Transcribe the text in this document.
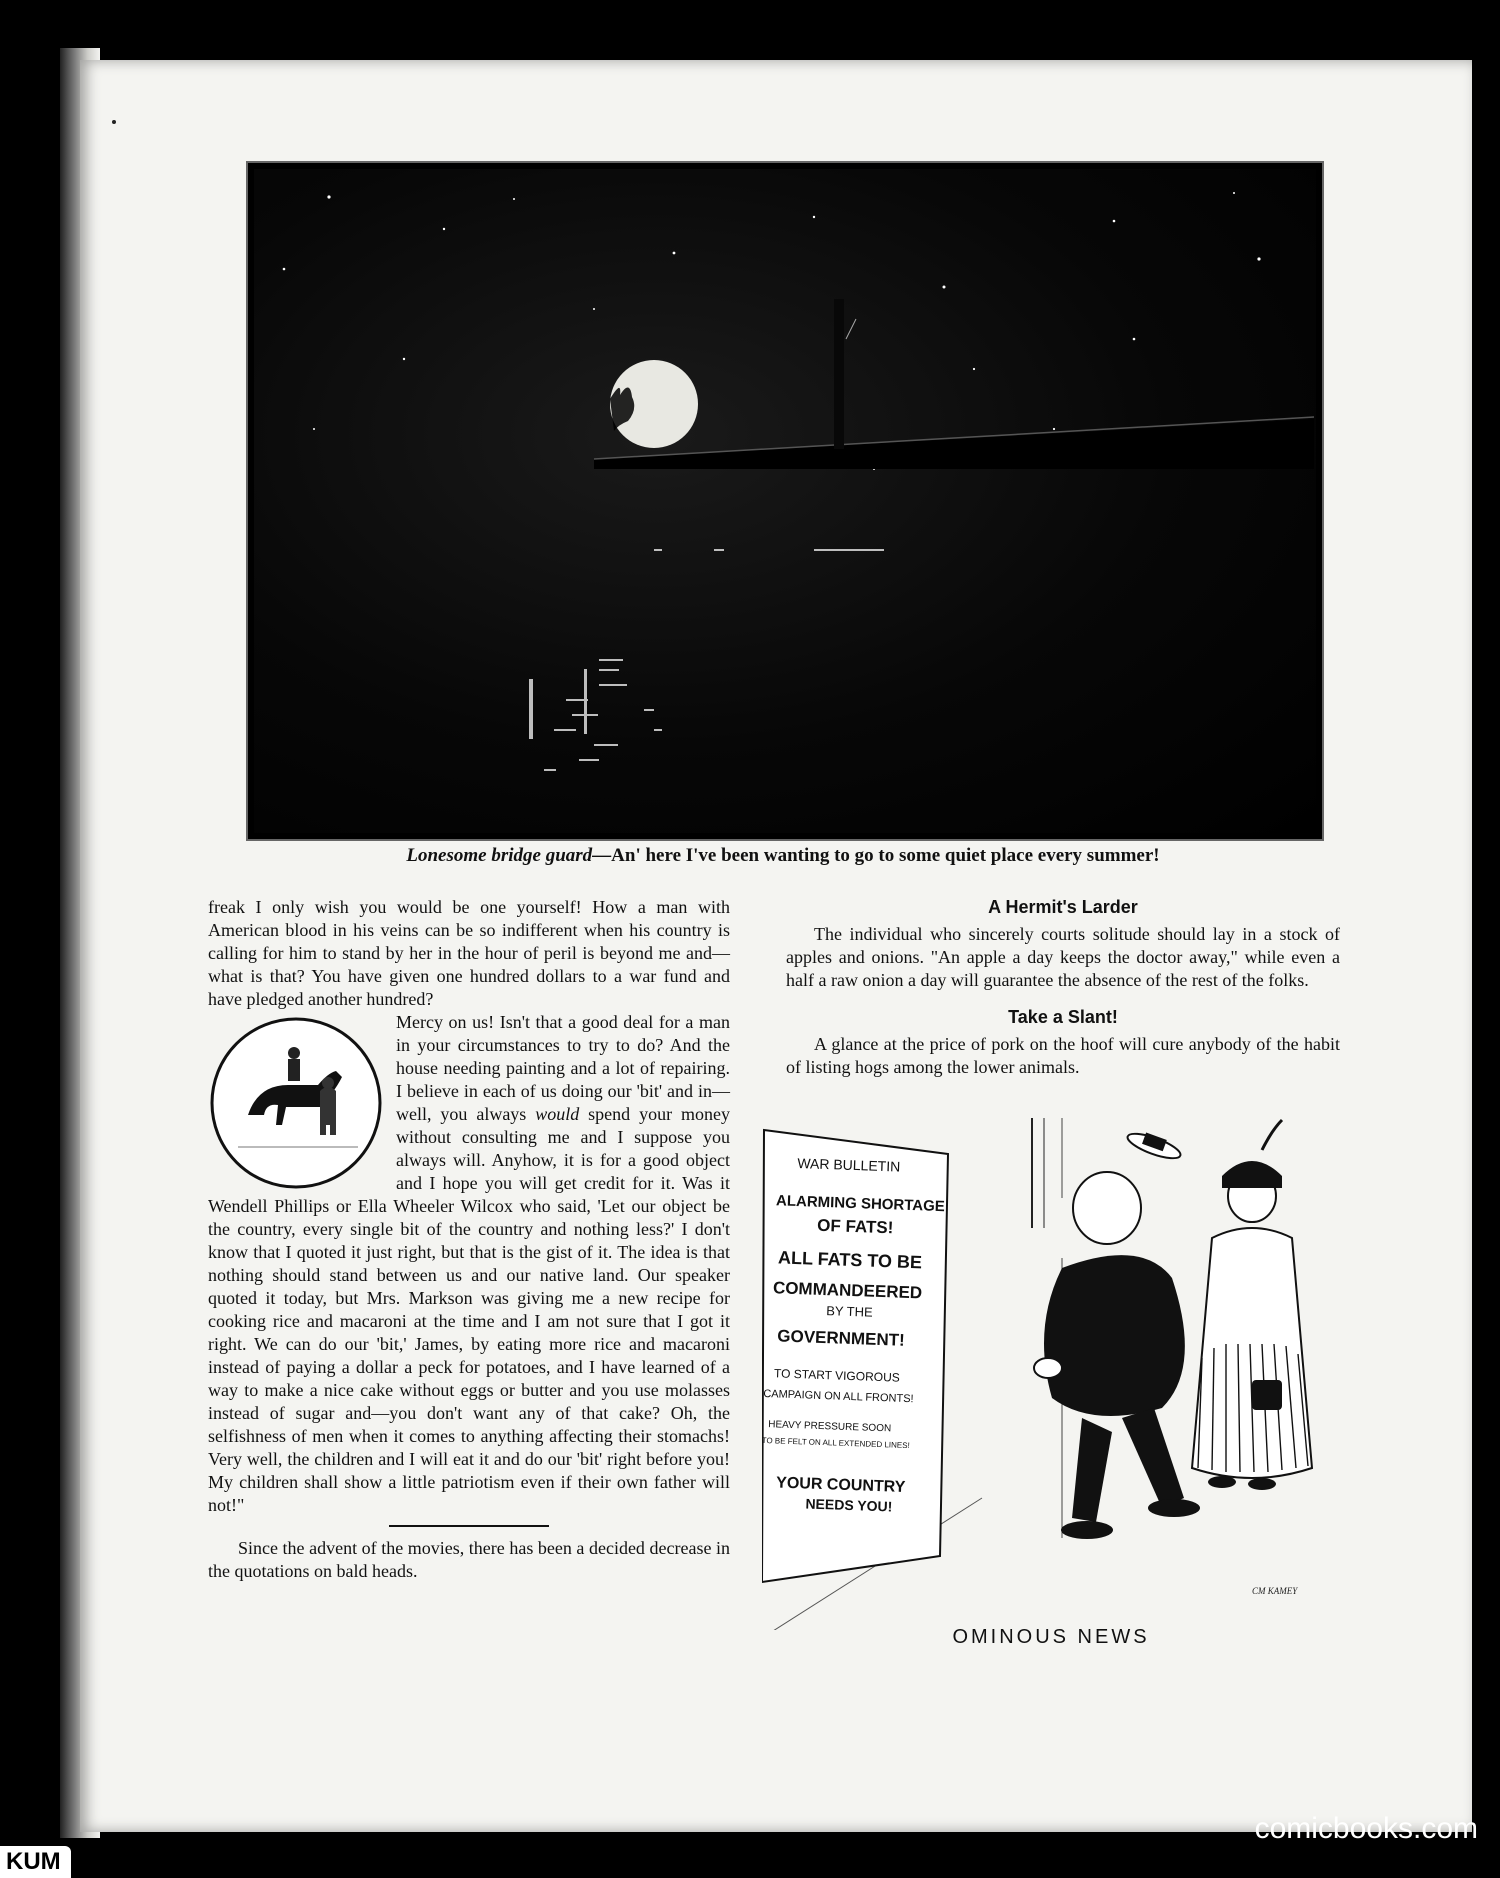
Lonesome bridge guard—An' here I've been wanting to go to some quiet place every summer!

freak I only wish you would be one yourself! How a man with American blood in his veins can be so indifferent when his country is calling for him to stand by her in the hour of peril is beyond me and—what is that? You have given one hundred dollars to a war fund and have pledged another hundred?

Mercy on us! Isn't that a good deal for a man in your circumstances to try to do? And the house needing painting and a lot of repairing. I believe in each of us doing our 'bit' and in—well, you always would spend your money without consulting me and I suppose you always will. Anyhow, it is for a good object and I hope you will get credit for it. Was it Wendell Phillips or Ella Wheeler Wilcox who said, 'Let our object be the country, every single bit of the country and nothing less?' I don't know that I quoted it just right, but that is the gist of it. The idea is that nothing should stand between us and our native land. Our speaker quoted it today, but Mrs. Markson was giving me a new recipe for cooking rice and macaroni at the time and I am not sure that I got it right. We can do our 'bit,' James, by eating more rice and macaroni instead of paying a dollar a peck for potatoes, and I have learned of a way to make a nice cake without eggs or butter and you use molasses instead of sugar and—you don't want any of that cake? Oh, the selfishness of men when it comes to anything affecting their stomachs! Very well, the children and I will eat it and do our 'bit' right before you! My children shall show a little patriotism even if their own father will not!"

Since the advent of the movies, there has been a decided decrease in the quotations on bald heads.

A Hermit's Larder

The individual who sincerely courts solitude should lay in a stock of apples and onions. "An apple a day keeps the doctor away," while even a half a raw onion a day will guarantee the absence of the rest of the folks.

Take a Slant!

A glance at the price of pork on the hoof will cure anybody of the habit of listing hogs among the lower animals.

WAR BULLETIN
ALARMING SHORTAGE
OF FATS!
ALL FATS TO BE
COMMANDEERED
BY THE
GOVERNMENT!
TO START VIGOROUS
CAMPAIGN ON ALL FRONTS!
HEAVY PRESSURE SOON
TO BE FELT ON ALL EXTENDED LINES!
YOUR COUNTRY
NEEDS YOU!
CM KAMEY
OMINOUS NEWS
comicbooks.com
KUM
